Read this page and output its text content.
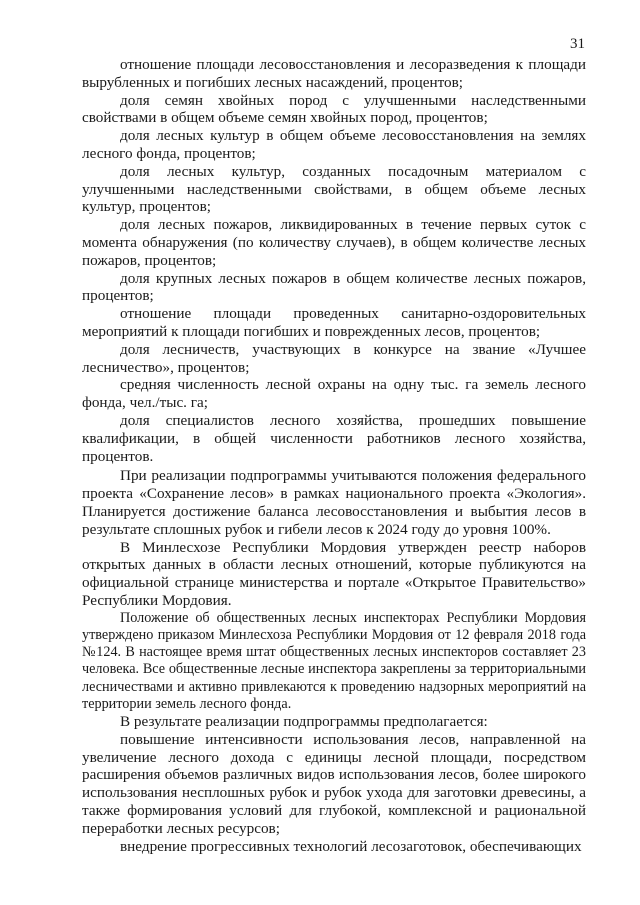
31

отношение площади лесовосстановления и лесоразведения к площади вырубленных и погибших лесных насаждений, процентов;

доля семян хвойных пород с улучшенными наследственными свойствами в общем объеме семян хвойных пород, процентов;

доля лесных культур в общем объеме лесовосстановления на землях лесного фонда, процентов;

доля лесных культур, созданных посадочным материалом с улучшенными наследственными свойствами, в общем объеме лесных культур, процентов;

доля лесных пожаров, ликвидированных в течение первых суток с момента обнаружения (по количеству случаев), в общем количестве лесных пожаров, процентов;

доля крупных лесных пожаров в общем количестве лесных пожаров, процентов;

отношение площади проведенных санитарно-оздоровительных мероприятий к площади погибших и поврежденных лесов, процентов;

доля лесничеств, участвующих в конкурсе на звание «Лучшее лесничество», процентов;

средняя численность лесной охраны на одну тыс. га земель лесного фонда, чел./тыс. га;

доля специалистов лесного хозяйства, прошедших повышение квалификации, в общей численности работников лесного хозяйства, процентов.

При реализации подпрограммы учитываются положения федерального проекта «Сохранение лесов» в рамках национального проекта «Экология». Планируется достижение баланса лесовосстановления и выбытия лесов в результате сплошных рубок и гибели лесов к 2024 году до уровня 100%.

В Минлесхозе Республики Мордовия утвержден реестр наборов открытых данных в области лесных отношений, которые публикуются на официальной странице министерства и портале «Открытое Правительство» Республики Мордовия.

Положение об общественных лесных инспекторах Республики Мордовия утверждено приказом Минлесхоза Республики Мордовия от 12 февраля 2018 года №124. В настоящее время штат общественных лесных инспекторов составляет 23 человека. Все общественные лесные инспектора закреплены за территориальными лесничествами и активно привлекаются к проведению надзорных мероприятий на территории земель лесного фонда.

В результате реализации подпрограммы предполагается:

повышение интенсивности использования лесов, направленной на увеличение лесного дохода с единицы лесной площади, посредством расширения объемов различных видов использования лесов, более широкого использования несплошных рубок и рубок ухода для заготовки древесины, а также формирования условий для глубокой, комплексной и рациональной переработки лесных ресурсов;

внедрение прогрессивных технологий лесозаготовок, обеспечивающих
